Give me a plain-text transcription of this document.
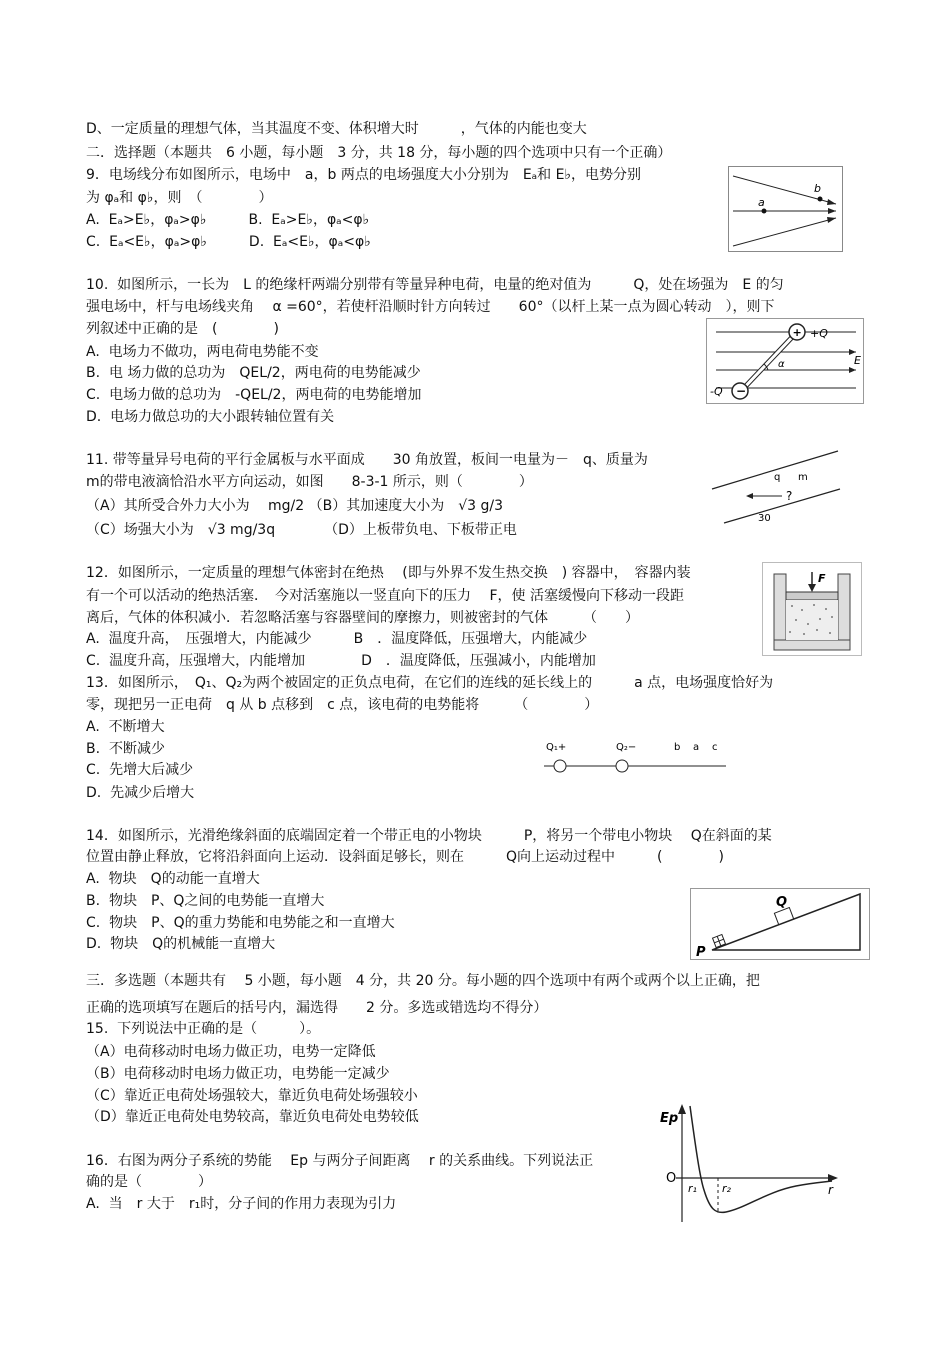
D、一定质量的理想气体，当其温度不变、体积增大时　　　	，气体的内能也变大
二．选择题（本题共　6 小题，每小题　3 分，共 18 分，每小题的四个选项中只有一个正确）
9．电场线分布如图所示，电场中　a，b 两点的电场强度大小分别为　Eₐ和 E♭，电势分别
为 φₐ和 φ♭，则　（　　　　）
A.  Eₐ>E♭，φₐ>φ♭　　　B.  Eₐ>E♭，φₐ<φ♭
C.  Eₐ<E♭，φₐ>φ♭　　　D.  Eₐ<E♭，φₐ<φ♭
a
b
10.  如图所示，一长为　L 的绝缘杆两端分别带有等量异种电荷，电量的绝对值为　　　Q，处在场强为　E 的匀
强电场中，杆与电场线夹角　 α =60°，若使杆沿顺时针方向转过　　60°（以杆上某一点为圆心转动　），则下
列叙述中正确的是　(　　　　)
A.  电场力不做功，两电荷电势能不变
B.  电 场力做的总功为　QEL/2，两电荷的电势能减少
C.  电场力做的总功为　-QEL/2，两电荷的电势能增加
D.  电场力做总功的大小跟转轴位置有关
+
−
+Q
-Q
E
α
11. 带等量异号电荷的平行金属板与水平面成　　30 角放置，板间一电量为－　q、质量为
m的带电液滴恰沿水平方向运动，如图　　8-3-1 所示，则（　　　　）
（A）其所受合外力大小为　 mg/2 （B）其加速度大小为　√3 g/3
（C）场强大小为　√3 mg/3q　　　　（D）上板带负电、下板带正电
q m
?
30
12．如图所示，一定质量的理想气体密封在绝热　 (即与外界不发生热交换　) 容器中，　容器内装
有一个可以活动的绝热活塞．　今对活塞施以一竖直向下的压力　 F，使 活塞缓慢向下移动一段距
离后，气体的体积减小．若忽略活塞与容器壁间的摩擦力，则被密封的气体　　　（　　）
A.  温度升高，　压强增大，内能减少　　　B　．温度降低，压强增大，内能减少
C.  温度升高，压强增大，内能增加　　　　D　．温度降低，压强减小，内能增加
F
13．如图所示，　Q₁、Q₂为两个被固定的正负点电荷，在它们的连线的延长线上的　　　a 点，电场强度恰好为
零，现把另一正电荷　q 从 b 点移到　c 点，该电荷的电势能将　　　（　　　　）
A.  不断增大
B.  不断减少
C.  先增大后减少
D.  先减少后增大
Q₁+	Q₂−	b a c
14．如图所示，光滑绝缘斜面的底端固定着一个带正电的小物块　　　P，将另一个带电小物块　 Q在斜面的某
位置由静止释放，它将沿斜面向上运动．设斜面足够长，则在　　　Q向上运动过程中　　　(　　　　)
A.  物块　Q的动能一直增大
B.  物块　P、Q之间的电势能一直增大
C.  物块　P、Q的重力势能和电势能之和一直增大
D.  物块　Q的机械能一直增大
P
Q
三．多选题（本题共有　 5 小题，每小题　4 分，共 20 分。每小题的四个选项中有两个或两个以上正确，把
正确的选项填写在题后的括号内，漏选得　　2 分。多选或错选均不得分）
15.  下列说法中正确的是（　　　）。
（A）电荷移动时电场力做正功，电势一定降低
（B）电荷移动时电场力做正功，电势能一定减少
（C）靠近正电荷处场强较大，靠近负电荷处场强较小
（D）靠近正电荷处电势较高，靠近负电荷处电势较低
16．右图为两分子系统的势能　 Ep 与两分子间距离　 r 的关系曲线。下列说法正
确的是（　　　　）
A.  当　r 大于　r₁时，分子间的作用力表现为引力
Ep
O
r₁ r₂	r
